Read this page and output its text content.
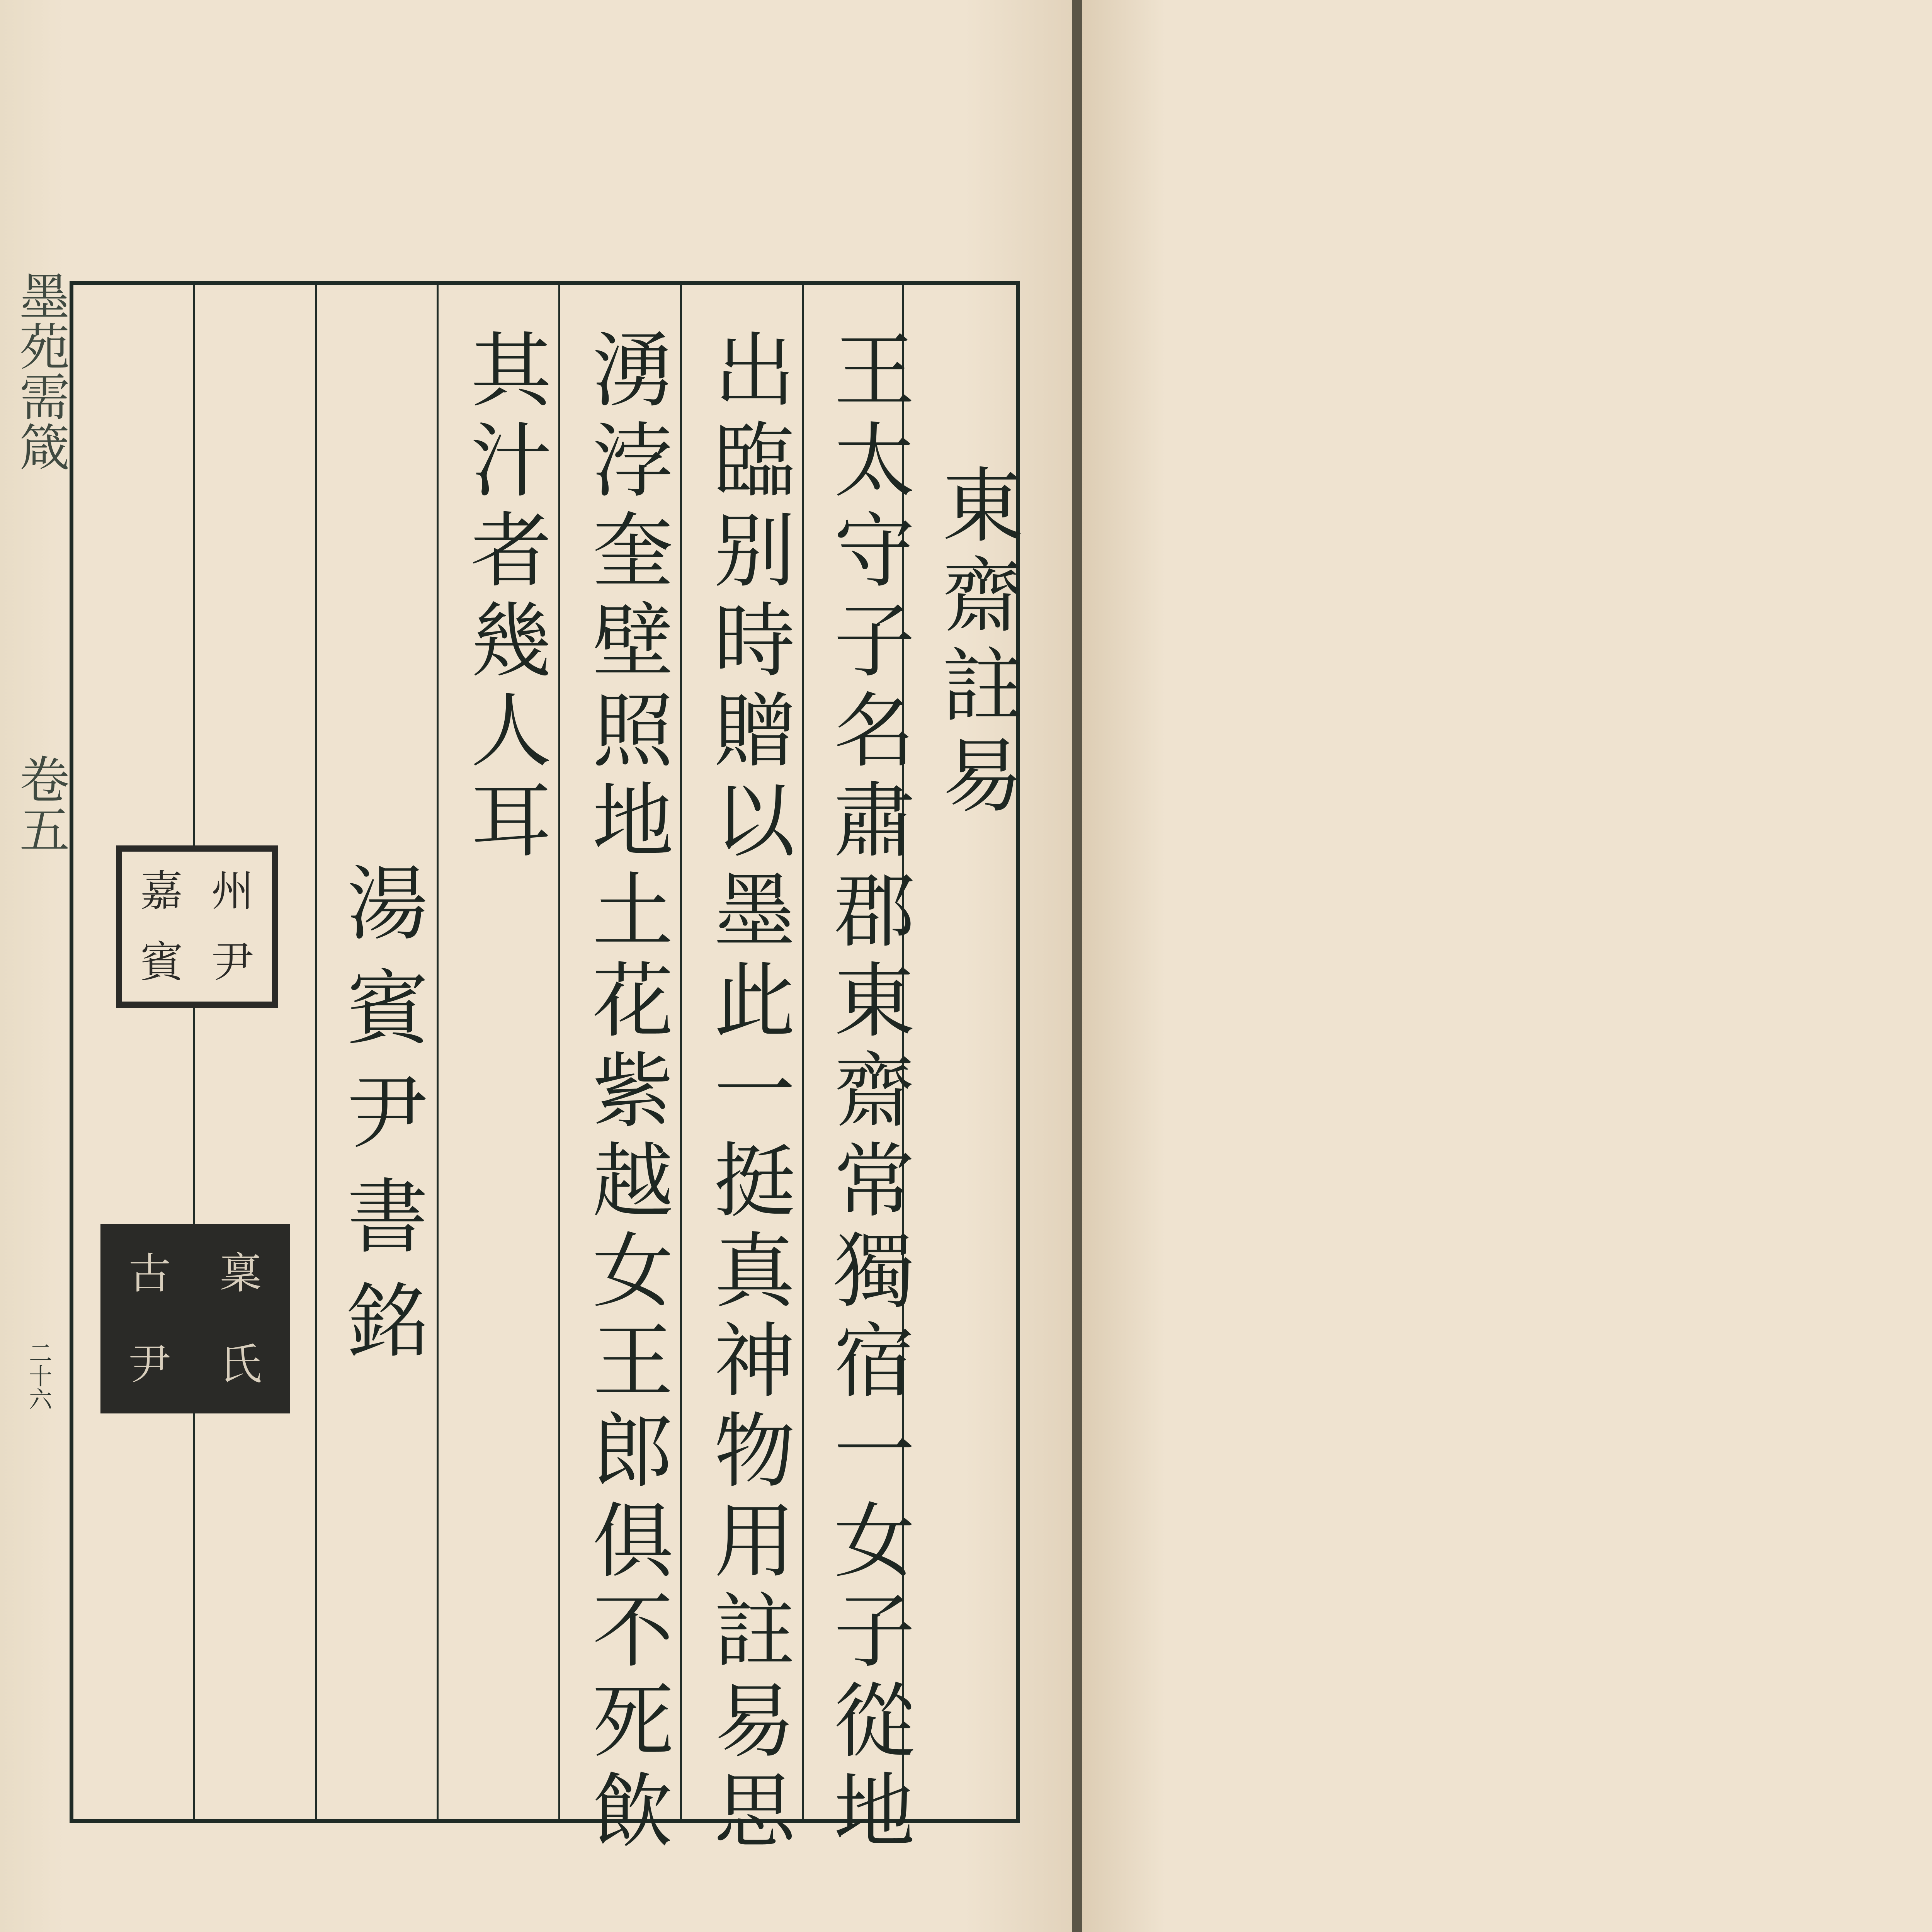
墨苑需箴
卷五
二十六
東齋註易
王太守子名肅郡東齋常獨宿一女子從地
出臨别時贈以墨此一挺真神物用註易思
湧浡奎壁照地土花紫越女王郎俱不死飲
其汁者幾人耳
湯賓尹書銘
嘉 州
賓 尹
古	稟
尹	氏
